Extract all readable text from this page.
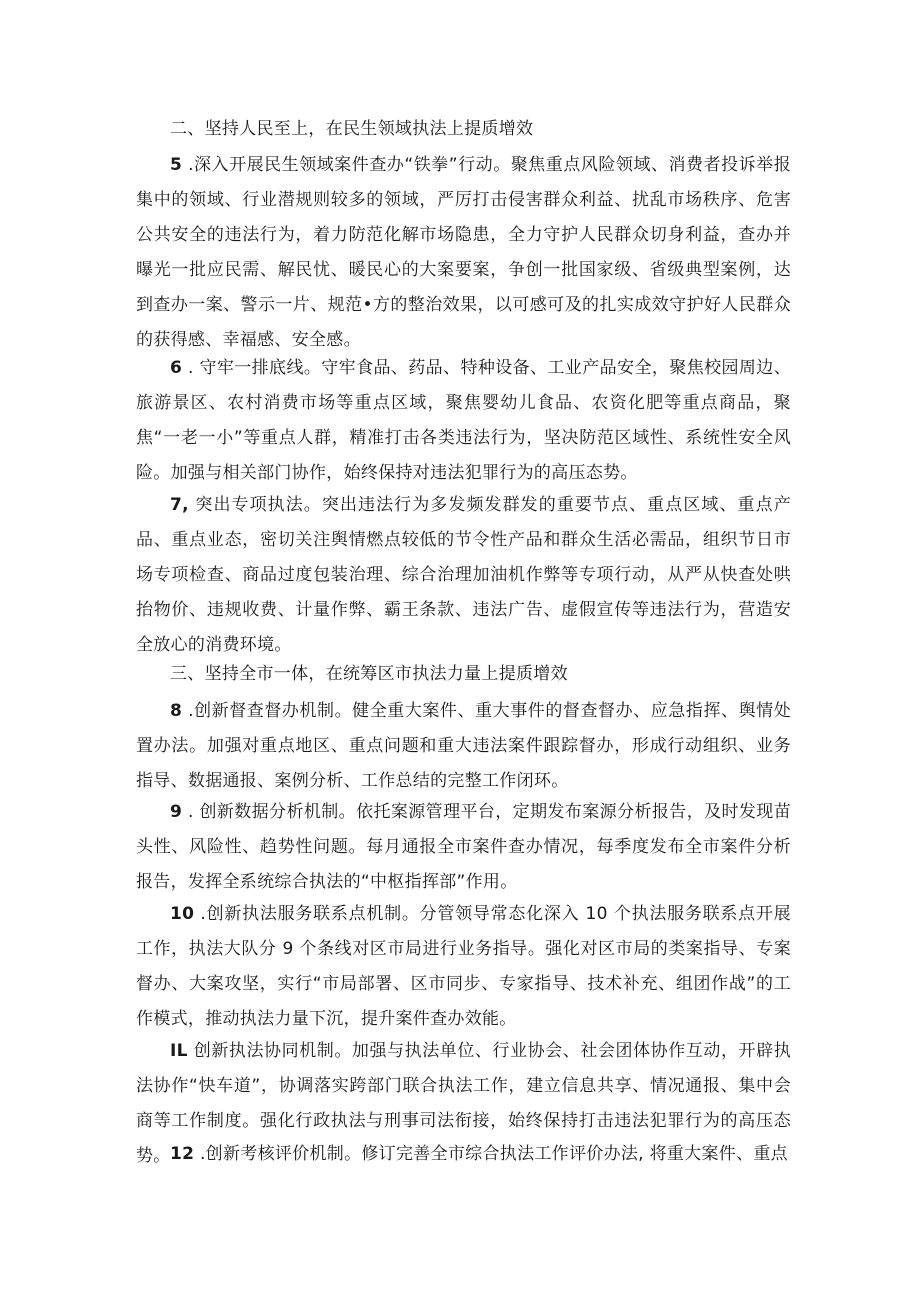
二、坚持人民至上，在民生领域执法上提质增效

5 .深入开展民生领域案件查办“铁拳”行动。聚焦重点风险领域、消费者投诉举报集中的领域、行业潜规则较多的领域，严厉打击侵害群众利益、扰乱市场秩序、危害公共安全的违法行为，着力防范化解市场隐患，全力守护人民群众切身利益，查办并曝光一批应民需、解民忧、暖民心的大案要案，争创一批国家级、省级典型案例，达到查办一案、警示一片、规范•方的整治效果，以可感可及的扎实成效守护好人民群众的获得感、幸福感、安全感。

6 . 守牢一排底线。守牢食品、药品、特种设备、工业产品安全，聚焦校园周边、旅游景区、农村消费市场等重点区域，聚焦婴幼儿食品、农资化肥等重点商品，聚焦“一老一小”等重点人群，精准打击各类违法行为，坚决防范区域性、系统性安全风险。加强与相关部门协作，始终保持对违法犯罪行为的高压态势。

7, 突出专项执法。突出违法行为多发频发群发的重要节点、重点区域、重点产品、重点业态，密切关注舆情燃点较低的节令性产品和群众生活必需品，组织节日市场专项检查、商品过度包装治理、综合治理加油机作弊等专项行动，从严从快查处哄抬物价、违规收费、计量作弊、霸王条款、违法广告、虚假宣传等违法行为，营造安全放心的消费环境。

三、坚持全市一体，在统筹区市执法力量上提质增效

8 .创新督查督办机制。健全重大案件、重大事件的督查督办、应急指挥、舆情处置办法。加强对重点地区、重点问题和重大违法案件跟踪督办，形成行动组织、业务指导、数据通报、案例分析、工作总结的完整工作闭环。

9 . 创新数据分析机制。依托案源管理平台，定期发布案源分析报告，及时发现苗头性、风险性、趋势性问题。每月通报全市案件查办情况，每季度发布全市案件分析报告，发挥全系统综合执法的“中枢指挥部”作用。

10 .创新执法服务联系点机制。分管领导常态化深入 10 个执法服务联系点开展工作，执法大队分 9 个条线对区市局进行业务指导。强化对区市局的类案指导、专案督办、大案攻坚，实行“市局部署、区市同步、专家指导、技术补充、组团作战”的工作模式，推动执法力量下沉，提升案件查办效能。

IL 创新执法协同机制。加强与执法单位、行业协会、社会团体协作互动，开辟执法协作“快车道”，协调落实跨部门联合执法工作，建立信息共享、情况通报、集中会商等工作制度。强化行政执法与刑事司法衔接，始终保持打击违法犯罪行为的高压态势。 12 .创新考核评价机制。修订完善全市综合执法工作评价办法, 将重大案件、重点
